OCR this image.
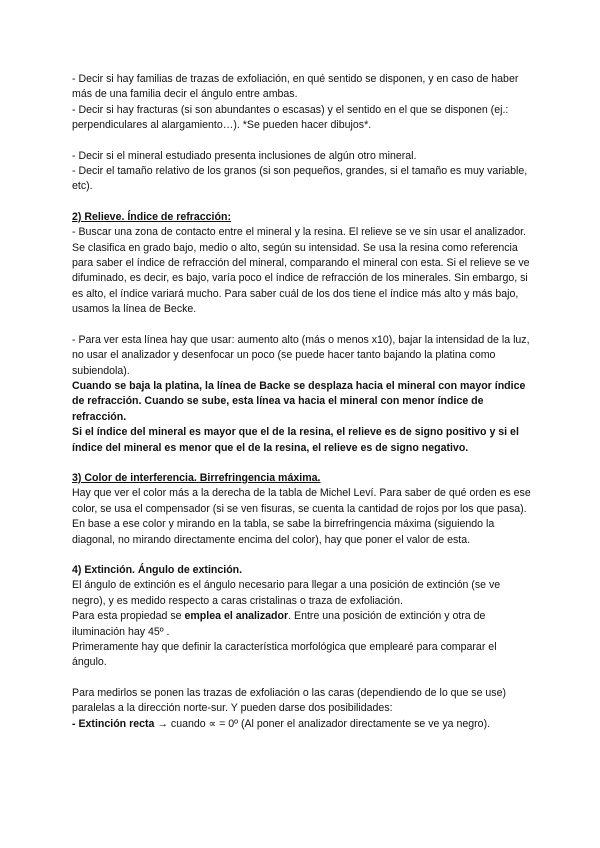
- Decir si hay familias de trazas de exfoliación, en qué sentido se disponen, y en caso de haber más de una familia decir el ángulo entre ambas.

- Decir si hay fracturas (si son abundantes o escasas) y el sentido en el que se disponen (ej.: perpendiculares al alargamiento…). *Se pueden hacer dibujos*.

- Decir si el mineral estudiado presenta inclusiones de algún otro mineral.

- Decir el tamaño relativo de los granos (si son pequeños, grandes, si el tamaño es muy variable, etc).

2) Relieve. Índice de refracción:

- Buscar una zona de contacto entre el mineral y la resina. El relieve se ve sin usar el analizador.

Se clasifica en grado bajo, medio o alto, según su intensidad. Se usa la resina como referencia para saber el índice de refracción del mineral, comparando el mineral con esta. Si el relieve se ve difuminado, es decir, es bajo, varía poco el índice de refracción de los minerales. Sin embargo, si es alto, el índice variará mucho. Para saber cuál de los dos tiene el índice más alto y más bajo, usamos la línea de Becke.

- Para ver esta línea hay que usar: aumento alto (más o menos x10), bajar la intensidad de la luz, no usar el analizador y desenfocar un poco (se puede hacer tanto bajando la platina como subiendola).

Cuando se baja la platina, la línea de Backe se desplaza hacia el mineral con mayor índice de refracción. Cuando se sube, esta línea va hacia el mineral con menor índice de refracción.

Si el índice del mineral es mayor que el de la resina, el relieve es de signo positivo y si el índice del mineral es menor que el de la resina, el relieve es de signo negativo.

3) Color de interferencia. Birrefringencia máxima.

Hay que ver el color más a la derecha de la tabla de Michel Leví. Para saber de qué orden es ese color, se usa el compensador (si se ven fisuras, se cuenta la cantidad de rojos por los que pasa). En base a ese color y mirando en la tabla, se sabe la birrefringencia máxima (siguiendo la diagonal, no mirando directamente encima del color), hay que poner el valor de esta.

4) Extinción. Ángulo de extinción.

El ángulo de extinción es el ángulo necesario para llegar a una posición de extinción (se ve negro), y es medido respecto a caras cristalinas o traza de exfoliación.

Para esta propiedad se emplea el analizador. Entre una posición de extinción y otra de iluminación hay 45º .

Primeramente hay que definir la característica morfológica que emplearé para comparar el ángulo.

Para medirlos se ponen las trazas de exfoliación o las caras (dependiendo de lo que se use) paralelas a la dirección norte-sur. Y pueden darse dos posibilidades:

- Extinción recta → cuando ∝ = 0º (Al poner el analizador directamente se ve ya negro).
